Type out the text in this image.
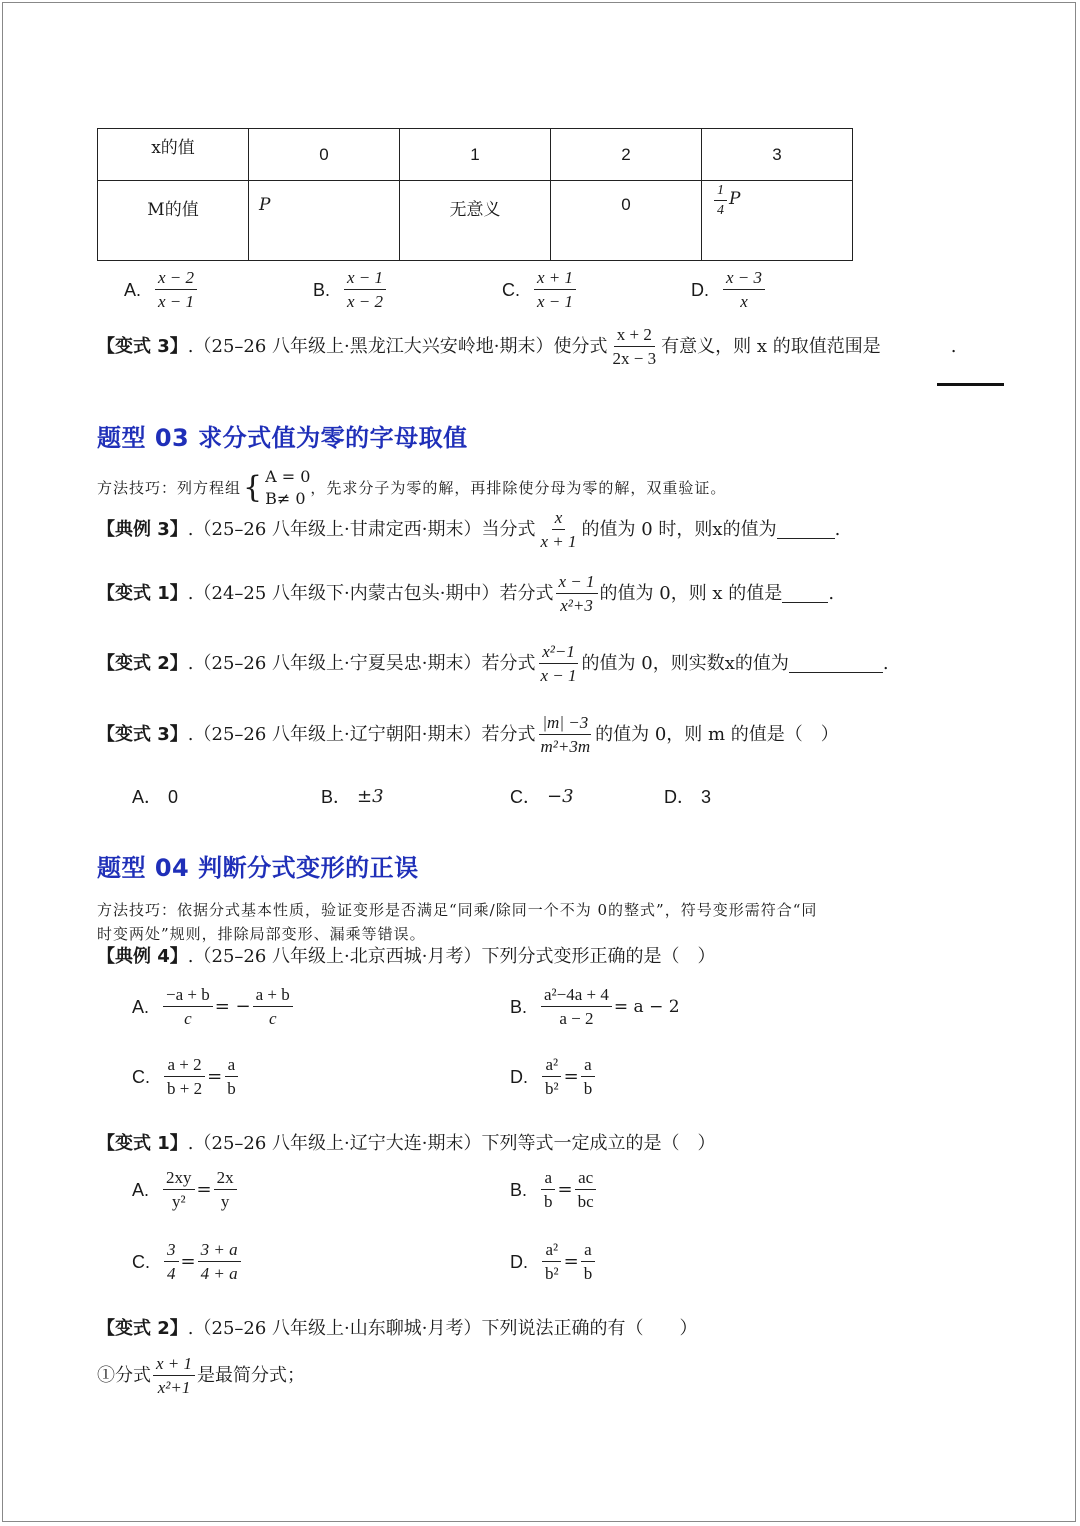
x的值	0	1	2	3
M的值	P	无意义	0	$\frac{1}{4}$ P
A. $\frac{x - 2}{x - 1}$	B. $\frac{x - 1}{x - 2}$	C. $\frac{x + 1}{x - 1}$	D. $\frac{x - 3}{x}$
【变式 3】 .（25–26 八年级上·黑龙江大兴安岭地·期末）使分式 $\frac{x + 2}{2x - 3}$ 有意义，则 x 的取值范围是	.
题型 03 求分式值为零的字母取值
方法技巧：列方程组 { A = 0
B≠ 0
，先求分子为零的解，再排除使分母为零的解，双重验证。
【典例 3】 .（25–26 八年级上·甘肃定西·期末）当分式 $\frac{x}{x + 1}$ 的值为 0 时，则x的值为	.
【变式 1】 .（24–25 八年级下·内蒙古包头·期中）若分式 $\frac{x - 1}{\text{x²+3}}$ 的值为 0，则 x 的值是	.
【变式 2】 .（25–26 八年级上·宁夏吴忠·期末）若分式 $\frac{\text{x²−1}}{x - 1}$ 的值为 0，则实数x的值为	.
【变式 3】 .（25–26 八年级上·辽宁朝阳·期末）若分式 $\frac{|m| -3}{\text{m²+3m}}$ 的值为 0，则 m 的值是（　）
A． 0	B． ±3	C． −3	D． 3
题型 04 判断分式变形的正误
方法技巧：依据分式基本性质，验证变形是否满足“同乘/除同一个不为 0的整式”，符号变形需符合“同
时变两处”规则，排除局部变形、漏乘等错误。
【典例 4】 .（25–26 八年级上·北京西城·月考）下列分式变形正确的是（　）
A. $\frac{-a + b}{c}$ = − $\frac{a + b}{c}$	B. $\frac{\text{a²−4a + 4}}{a - 2} = a - 2$
C. $\frac{a + 2}{b + 2} = \frac{a}{b}$	D. $\frac{\text{a²}}{\text{b²}} = \frac{a}{b}$
【变式 1】 .（25–26 八年级上·辽宁大连·期末）下列等式一定成立的是（　）
A. $\frac{2xy}{\text{y²}} = \frac{2x}{y}$	B. $\frac{a}{b} = \frac{ac}{bc}$
C. $\frac{3}{4} = \frac{3 + a}{4 + a}$	D. $\frac{\text{a²}}{\text{b²}} = \frac{a}{b}$
【变式 2】 .（25–26 八年级上·山东聊城·月考）下列说法正确的有（　　）
①分式 $\frac{x + 1}{\text{x²+1}}$ 是最简分式；
